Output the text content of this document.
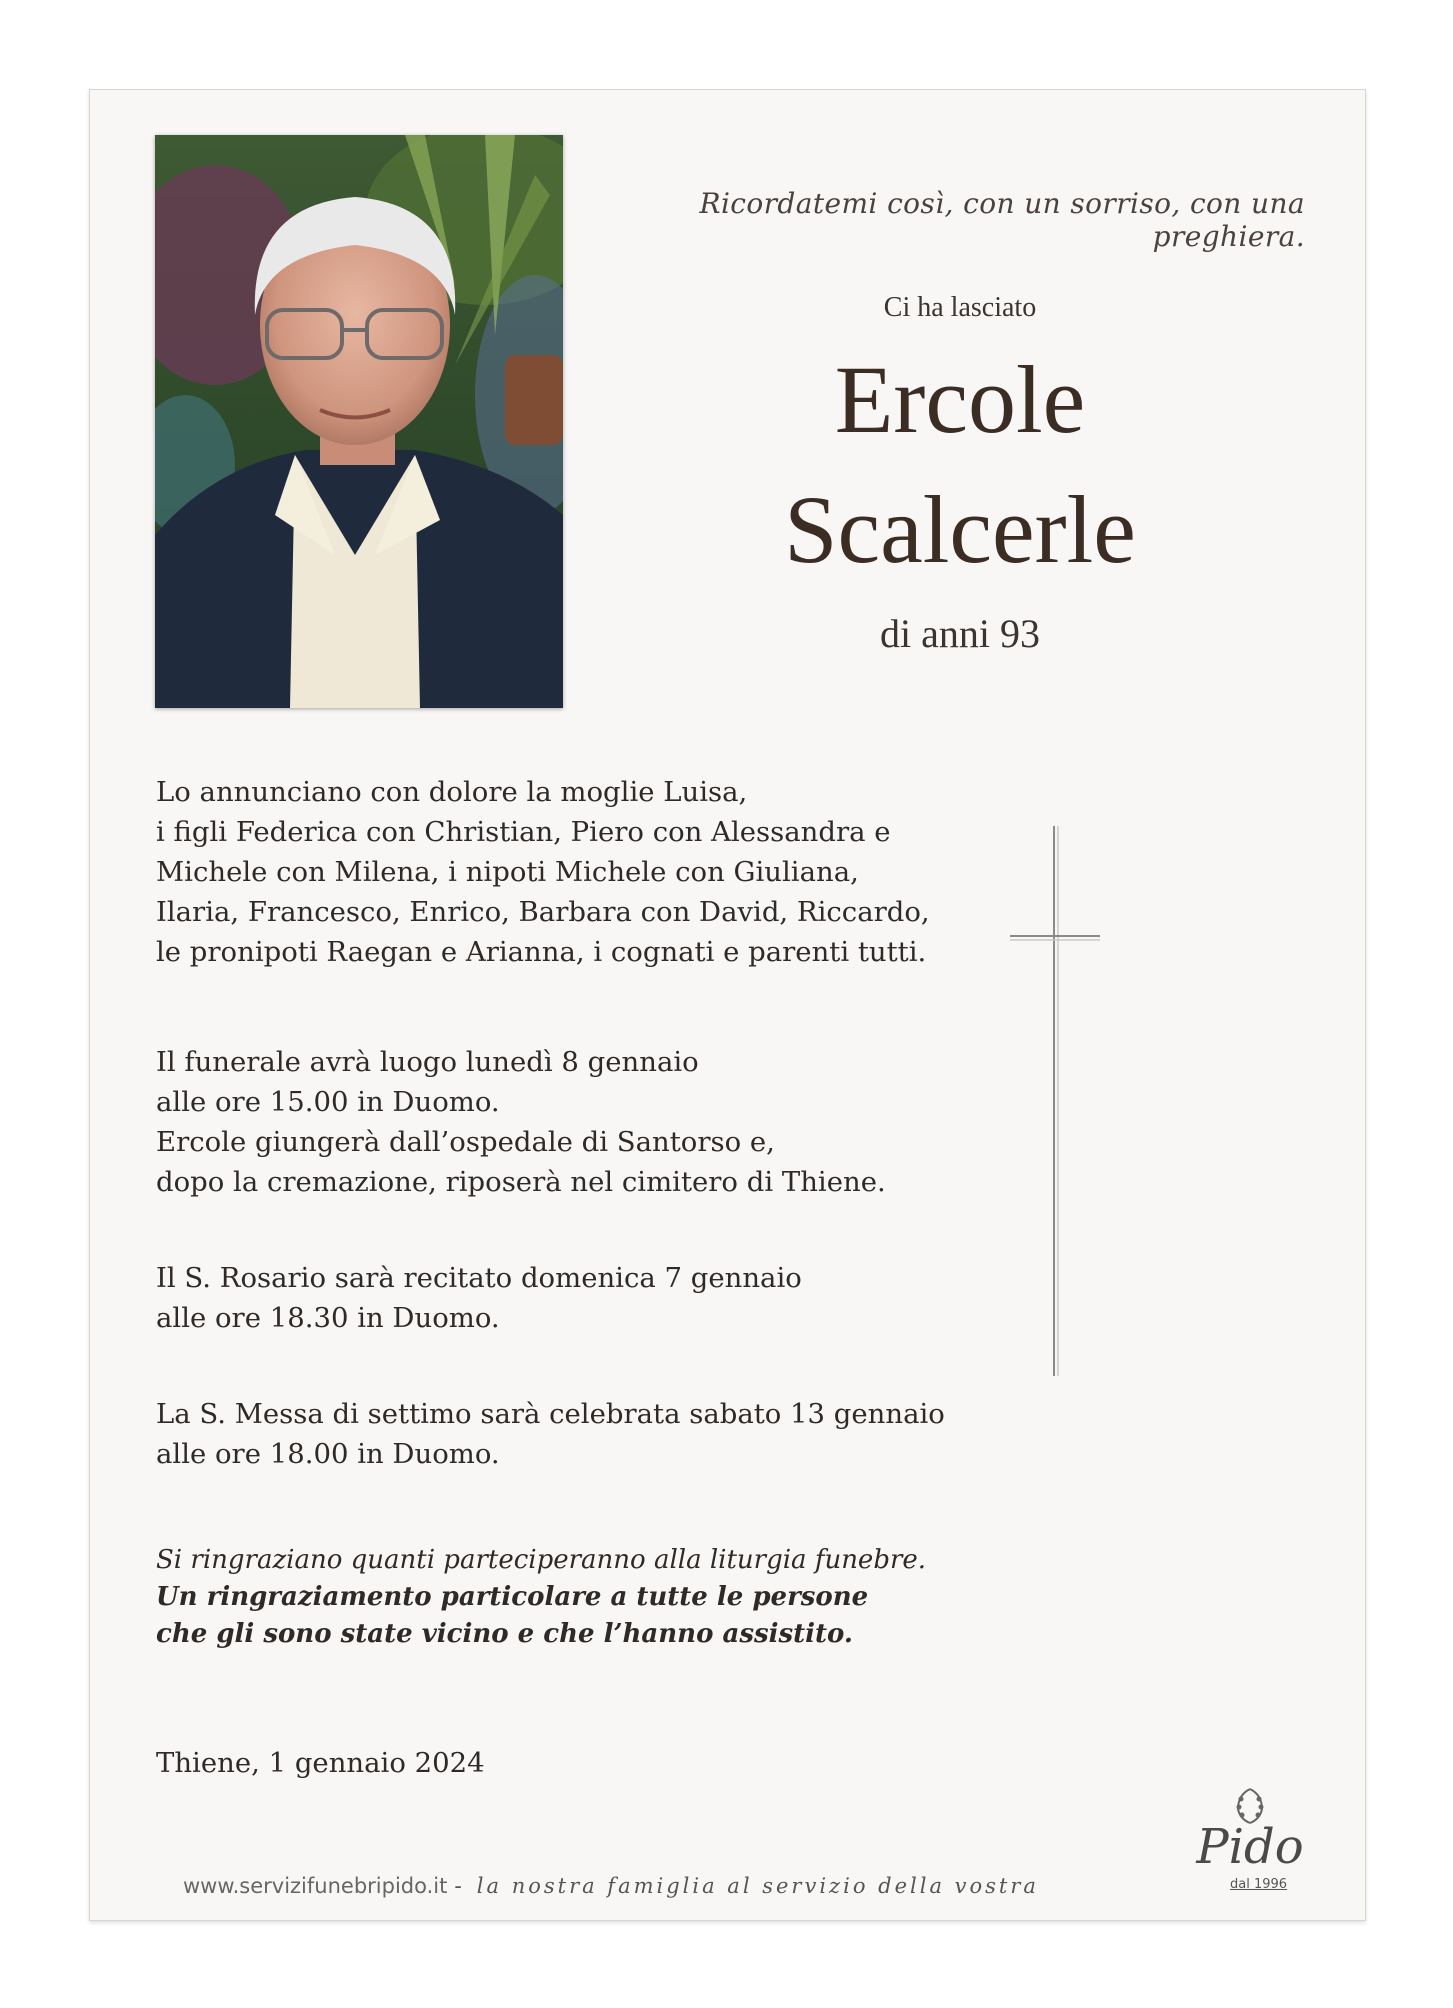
Ricordatemi così, con un sorriso, con una preghiera.
Ci ha lasciato
Ercole
Scalcerle
di anni 93
Lo annunciano con dolore la moglie Luisa,
i figli Federica con Christian, Piero con Alessandra e
Michele con Milena, i nipoti Michele con Giuliana,
Ilaria, Francesco, Enrico, Barbara con David, Riccardo,
le pronipoti Raegan e Arianna, i cognati e parenti tutti.
Il funerale avrà luogo lunedì 8 gennaio
alle ore 15.00 in Duomo.
Ercole giungerà dall’ospedale di Santorso e,
dopo la cremazione, riposerà nel cimitero di Thiene.
Il S. Rosario sarà recitato domenica 7 gennaio
alle ore 18.30 in Duomo.
La S. Messa di settimo sarà celebrata sabato 13 gennaio
alle ore 18.00 in Duomo.
Si ringraziano quanti parteciperanno alla liturgia funebre.
Un ringraziamento particolare a tutte le persone
che gli sono state vicino e che l’hanno assistito.
Thiene, 1 gennaio 2024
www.servizifunebripido.it - la nostra famiglia al servizio della vostra
Pido
dal 1996
